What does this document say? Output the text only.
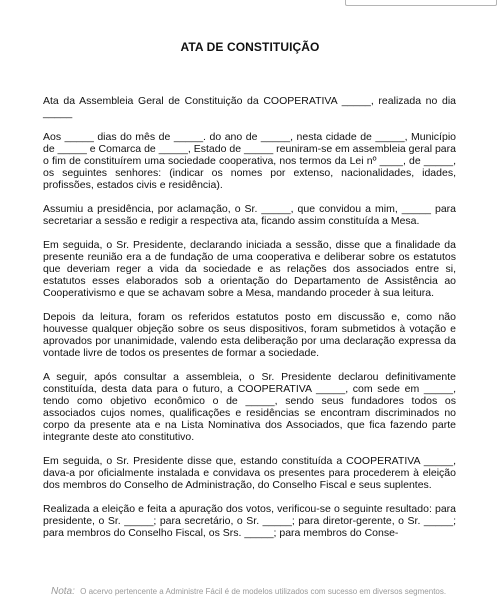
ATA DE CONSTITUIÇÃO

Ata da Assembleia Geral de Constituição da COOPERATIVA _____, realizada no dia _____

Aos _____ dias do mês de _____. do ano de _____, nesta cidade de _____, Município de _____ e Comarca de _____, Estado de _____ reuniram-se em assembleia geral para o fim de constituírem uma sociedade cooperativa, nos termos da Lei nº ____, de _____, os seguintes senhores: (indicar os nomes por extenso, nacionalidades, idades, profissões, estados civis e residência).

Assumiu a presidência, por aclamação, o Sr. _____, que convidou a mim, _____ para secretariar a sessão e redigir a respectiva ata, ficando assim constituída a Mesa.

Em seguida, o Sr. Presidente, declarando iniciada a sessão, disse que a finalidade da presente reunião era a de fundação de uma cooperativa e deliberar sobre os estatutos que deveriam reger a vida da sociedade e as relações dos associados entre si, estatutos esses elaborados sob a orientação do Departamento de Assistência ao Cooperativismo e que se achavam sobre a Mesa, mandando proceder à sua leitura.

Depois da leitura, foram os referidos estatutos posto em discussão e, como não houvesse qualquer objeção sobre os seus dispositivos, foram submetidos à votação e aprovados por unanimidade, valendo esta deliberação por uma declaração expressa da vontade livre de todos os presentes de formar a sociedade.

A seguir, após consultar a assembleia, o Sr. Presidente declarou definitivamente constituída, desta data para o futuro, a COOPERATIVA _____, com sede em _____, tendo como objetivo econômico o de _____, sendo seus fundadores todos os associados cujos nomes, qualificações e residências se encontram discriminados no corpo da presente ata e na Lista Nominativa dos Associados, que fica fazendo parte integrante deste ato constitutivo.

Em seguida, o Sr. Presidente disse que, estando constituída a COOPERATIVA _____, dava-a por oficialmente instalada e convidava os presentes para procederem à eleição dos membros do Conselho de Administração, do Conselho Fiscal e seus suplentes.

Realizada a eleição e feita a apuração dos votos, verificou-se o seguinte resultado: para presidente, o Sr. _____; para secretário, o Sr. _____; para diretor-gerente, o Sr. _____; para membros do Conselho Fiscal, os Srs. _____; para membros do Conse-

Nota: O acervo pertencente a Administre Fácil é de modelos utilizados com sucesso em diversos segmentos.
